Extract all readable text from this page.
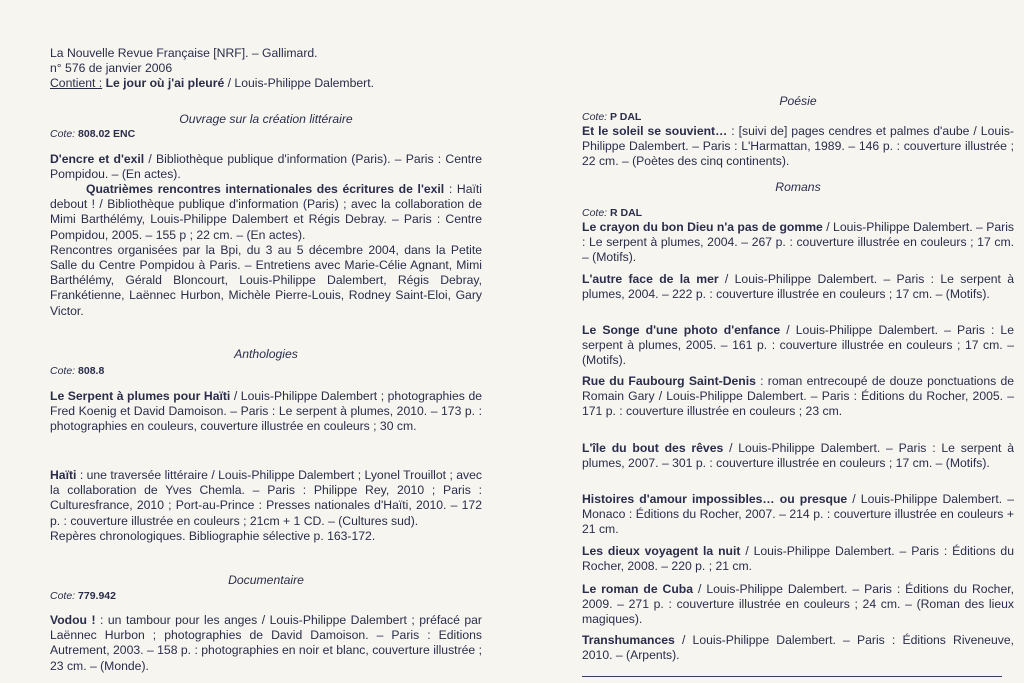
La Nouvelle Revue Française [NRF]. – Gallimard.

n° 576 de janvier 2006

Contient : Le jour où j'ai pleuré / Louis-Philippe Dalembert.

Ouvrage sur la création littéraire
Cote: 808.02 ENC

D'encre et d'exil / Bibliothèque publique d'information (Paris). – Paris : Centre Pompidou. – (En actes).

Quatrièmes rencontres internationales des écritures de l'exil : Haïti debout ! / Bibliothèque publique d'information (Paris) ; avec la collaboration de Mimi Barthélémy, Louis-Philippe Dalembert et Régis Debray. – Paris : Centre Pompidou, 2005. – 155 p ; 22 cm. – (En actes).

Rencontres organisées par la Bpi, du 3 au 5 décembre 2004, dans la Petite Salle du Centre Pompidou à Paris. – Entretiens avec Marie-Célie Agnant, Mimi Barthélémy, Gérald Bloncourt, Louis-Philippe Dalembert, Régis Debray, Frankétienne, Laënnec Hurbon, Michèle Pierre-Louis, Rodney Saint-Eloi, Gary Victor.

Anthologies
Cote: 808.8

Le Serpent à plumes pour Haïti / Louis-Philippe Dalembert ; photographies de Fred Koenig et David Damoison. – Paris : Le serpent à plumes, 2010. – 173 p. : photographies en couleurs, couverture illustrée en couleurs ; 30 cm.

Haïti : une traversée littéraire / Louis-Philippe Dalembert ; Lyonel Trouillot ; avec la collaboration de Yves Chemla. – Paris : Philippe Rey, 2010 ; Paris : Culturesfrance, 2010 ; Port-au-Prince : Presses nationales d'Haïti, 2010. – 172 p. : couverture illustrée en couleurs ; 21cm + 1 CD. – (Cultures sud).

Repères chronologiques. Bibliographie sélective p. 163-172.

Documentaire
Cote: 779.942

Vodou ! : un tambour pour les anges / Louis-Philippe Dalembert ; préfacé par Laënnec Hurbon ; photographies de David Damoison. – Paris : Editions Autrement, 2003. – 158 p. : photographies en noir et blanc, couverture illustrée ; 23 cm. – (Monde).

Poésie
Cote: P DAL

Et le soleil se souvient… : [suivi de] pages cendres et palmes d'aube / Louis-Philippe Dalembert. – Paris : L'Harmattan, 1989. – 146 p. : couverture illustrée ; 22 cm. – (Poètes des cinq continents).

Romans
Cote: R DAL

Le crayon du bon Dieu n'a pas de gomme / Louis-Philippe Dalembert. – Paris : Le serpent à plumes, 2004. – 267 p. : couverture illustrée en couleurs ; 17 cm. – (Motifs).

L'autre face de la mer / Louis-Philippe Dalembert. – Paris : Le serpent à plumes, 2004. – 222 p. : couverture illustrée en couleurs ; 17 cm. – (Motifs).

Le Songe d'une photo d'enfance / Louis-Philippe Dalembert. – Paris : Le serpent à plumes, 2005. – 161 p. : couverture illustrée en couleurs ; 17 cm. – (Motifs).

Rue du Faubourg Saint-Denis : roman entrecoupé de douze ponctuations de Romain Gary / Louis-Philippe Dalembert. – Paris : Éditions du Rocher, 2005. – 171 p. : couverture illustrée en couleurs ; 23 cm.

L'île du bout des rêves / Louis-Philippe Dalembert. – Paris : Le serpent à plumes, 2007. – 301 p. : couverture illustrée en couleurs ; 17 cm. – (Motifs).

Histoires d'amour impossibles… ou presque / Louis-Philippe Dalembert. – Monaco : Éditions du Rocher, 2007. – 214 p. : couverture illustrée en couleurs + 21 cm.

Les dieux voyagent la nuit / Louis-Philippe Dalembert. – Paris : Éditions du Rocher, 2008. – 220 p. ; 21 cm.

Le roman de Cuba / Louis-Philippe Dalembert. – Paris : Éditions du Rocher, 2009. – 271 p. : couverture illustrée en couleurs ; 24 cm. – (Roman des lieux magiques).

Transhumances / Louis-Philippe Dalembert. – Paris : Éditions Riveneuve, 2010. – (Arpents).
